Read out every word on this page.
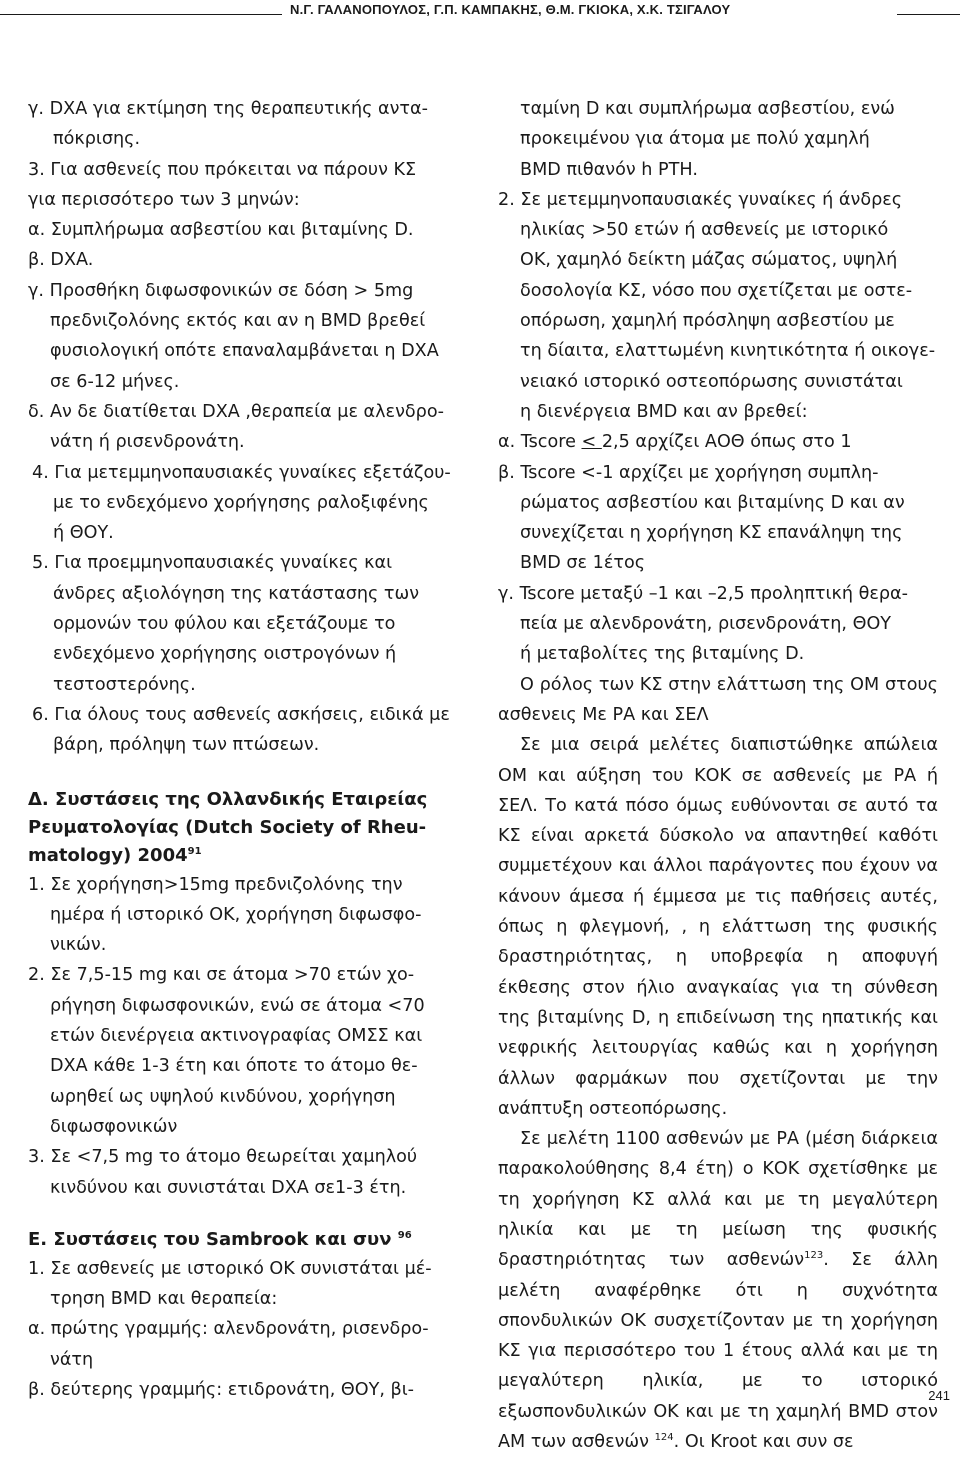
Ν.Γ. ΓΑΛΑΝΟΠΟΥΛΟΣ, Γ.Π. ΚΑΜΠΑΚΗΣ, Θ.Μ. ΓΚΙΟΚΑ, Χ.Κ. ΤΣΙΓΑΛΟΥ

γ. DXA για εκτίμηση της θεραπευτικής αντα-

πόκρισης.

3. Για ασθενείς που πρόκειται να πάρουν ΚΣ

για περισσότερο των 3 μηνών:

α. Συμπλήρωμα ασβεστίου και βιταμίνης D.

β. DXA.

γ. Προσθήκη διφωσφονικών σε δόση > 5mg

πρεδνιζολόνης εκτός και αν η BMD βρεθεί

φυσιολογική οπότε επαναλαμβάνεται η DXA

σε 6-12 μήνες.

δ. Αν δε διατίθεται DXA ,θεραπεία με αλενδρο-

νάτη ή ρισενδρονάτη.

4. Για μετεμμηνοπαυσιακές γυναίκες εξετάζου-

με το ενδεχόμενο χορήγησης ραλοξιφένης

ή ΘΟΥ.

5. Για προεμμηνοπαυσιακές γυναίκες και

άνδρες αξιολόγηση της κατάστασης των

ορμονών του φύλου και εξετάζουμε το

ενδεχόμενο χορήγησης οιστρογόνων ή

τεστοστερόνης.

6. Για όλους τους ασθενείς ασκήσεις, ειδικά με

βάρη, πρόληψη των πτώσεων.

Δ. Συστάσεις της Ολλανδικής Εταιρείας

Ρευματολογίας (Dutch Society of Rheu-

matology) 2004$^{91}$

1. Σε χορήγηση>15mg πρεδνιζολόνης την

ημέρα ή ιστορικό ΟΚ, χορήγηση διφωσφο-

νικών.

2. Σε 7,5-15 mg και σε άτομα >70 ετών χο-

ρήγηση διφωσφονικών, ενώ σε άτομα <70

ετών διενέργεια ακτινογραφίας ΟΜΣΣ και

DXA κάθε 1-3 έτη και όποτε το άτομο θε-

ωρηθεί ως υψηλού κινδύνου, χορήγηση

διφωσφονικών

3. Σε <7,5 mg το άτομο θεωρείται χαμηλού

κινδύνου και συνιστάται DXA σε1-3 έτη.

Ε. Συστάσεις του Sambrook και συν $^{96}$

1. Σε ασθενείς με ιστορικό ΟΚ συνιστάται μέ-

τρηση BMD και θεραπεία:

α. πρώτης γραμμής: αλενδρονάτη, ρισενδρο-

νάτη

β. δεύτερης γραμμής: ετιδρονάτη, ΘΟΥ, βι-

ταμίνη D και συμπλήρωμα ασβεστίου, ενώ

προκειμένου για άτομα με πολύ χαμηλή

BMD πιθανόν h PTH.

2. Σε μετεμμηνοπαυσιακές γυναίκες ή άνδρες

ηλικίας >50 ετών ή ασθενείς με ιστορικό

ΟΚ, χαμηλό δείκτη μάζας σώματος, υψηλή

δοσολογία ΚΣ, νόσο που σχετίζεται με οστε-

οπόρωση, χαμηλή πρόσληψη ασβεστίου με

τη δίαιτα, ελαττωμένη κινητικότητα ή οικογε-

νειακό ιστορικό οστεοπόρωσης συνιστάται

η διενέργεια BMD και αν βρεθεί:

α. Tscore < 2,5 αρχίζει ΑΟΘ όπως στο 1

β. Tscore <-1 αρχίζει με χορήγηση συμπλη-

ρώματος ασβεστίου και βιταμίνης D και αν

συνεχίζεται η χορήγηση ΚΣ επανάληψη της

BMD σε 1έτος

γ. Tscore μεταξύ –1 και –2,5 προληπτική θερα-

πεία με αλενδρονάτη, ρισενδρονάτη, ΘΟΥ

ή μεταβολίτες της βιταμίνης D.

Ο ρόλος των ΚΣ στην ελάττωση της ΟΜ στους ασθενεις Με ΡΑ και ΣΕΛ

Σε μια σειρά μελέτες διαπιστώθηκε απώλεια ΟΜ και αύξηση του ΚΟΚ σε ασθενείς με ΡΑ ή ΣΕΛ. Το κατά πόσο όμως ευθύνονται σε αυτό τα ΚΣ είναι αρκετά δύσκολο να απαντηθεί καθότι συμμετέχουν και άλλοι παράγοντες που έχουν να κάνουν άμεσα ή έμμεσα με τις παθήσεις αυτές, όπως η φλεγμονή, , η ελάττωση της φυσικής δραστηριότητας, η υποβρεφία η αποφυγή έκθεσης στον ήλιο αναγκαίας για τη σύνθεση της βιταμίνης D, η επιδείνωση της ηπατικής και νεφρικής λειτουργίας καθώς και η χορήγηση άλλων φαρμάκων που σχετίζονται με την ανάπτυξη οστεοπόρωσης.

Σε μελέτη 1100 ασθενών με ΡΑ (μέση διάρκεια παρακολούθησης 8,4 έτη) ο ΚΟΚ σχετίσθηκε με τη χορήγηση ΚΣ αλλά και με τη μεγαλύτερη ηλικία και με τη μείωση της φυσικής δραστηριότητας των ασθενών$^{123}$. Σε άλλη μελέτη αναφέρθηκε ότι η συχνότητα σπονδυλικών ΟΚ συσχετίζονταν με τη χορήγηση ΚΣ για περισσότερο του 1 έτους αλλά και με τη μεγαλύτερη ηλικία, με το ιστορικό εξωσπονδυλικών ΟΚ και με τη χαμηλή BMD στον ΑΜ των ασθενών $^{124}$. Οι Kroot και συν σε

241
